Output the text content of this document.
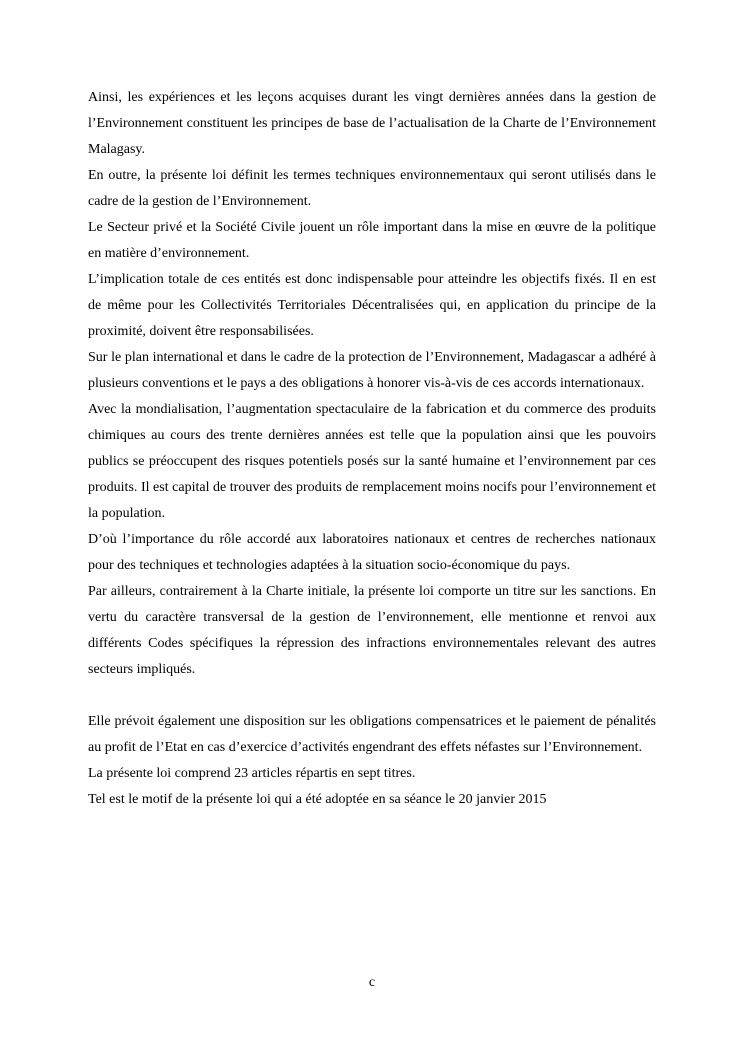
Ainsi, les expériences et les leçons acquises durant les vingt dernières années dans la gestion de l’Environnement constituent les principes de base de l’actualisation de la Charte de l’Environnement Malagasy.

En outre, la présente loi définit les termes techniques environnementaux qui seront utilisés dans le cadre de la gestion de l’Environnement.

Le Secteur privé et la Société Civile jouent un rôle important dans la mise en œuvre de la politique en matière d’environnement.

L’implication totale de ces entités est donc indispensable pour atteindre les objectifs fixés. Il en est de même pour les Collectivités Territoriales Décentralisées qui, en application du principe de la proximité, doivent être responsabilisées.

Sur le plan international et dans le cadre de la protection de l’Environnement, Madagascar a adhéré à plusieurs conventions et le pays a des obligations à honorer vis-à-vis de ces accords internationaux.

Avec la mondialisation, l’augmentation spectaculaire de la fabrication et du commerce des produits chimiques au cours des trente dernières années est telle que la population ainsi que les pouvoirs publics se préoccupent des risques potentiels posés sur la santé humaine et l’environnement par ces produits. Il est capital de trouver des produits de remplacement moins nocifs pour l’environnement et la population.

D’où l’importance du rôle accordé aux laboratoires nationaux et centres de recherches nationaux pour des techniques et technologies adaptées à la situation socio-économique du pays.

Par ailleurs, contrairement à la Charte initiale, la présente loi comporte un titre sur les sanctions. En vertu du caractère transversal de la gestion de l’environnement, elle mentionne et renvoi aux différents Codes spécifiques la répression des infractions environnementales relevant des autres secteurs impliqués.

Elle prévoit également une disposition sur les obligations compensatrices et le paiement de pénalités au profit de l’Etat en cas d’exercice d’activités engendrant des effets néfastes sur l’Environnement.

La présente loi comprend 23 articles répartis en sept titres.

Tel est le motif de la présente loi qui a été adoptée en sa séance le 20 janvier 2015

c
